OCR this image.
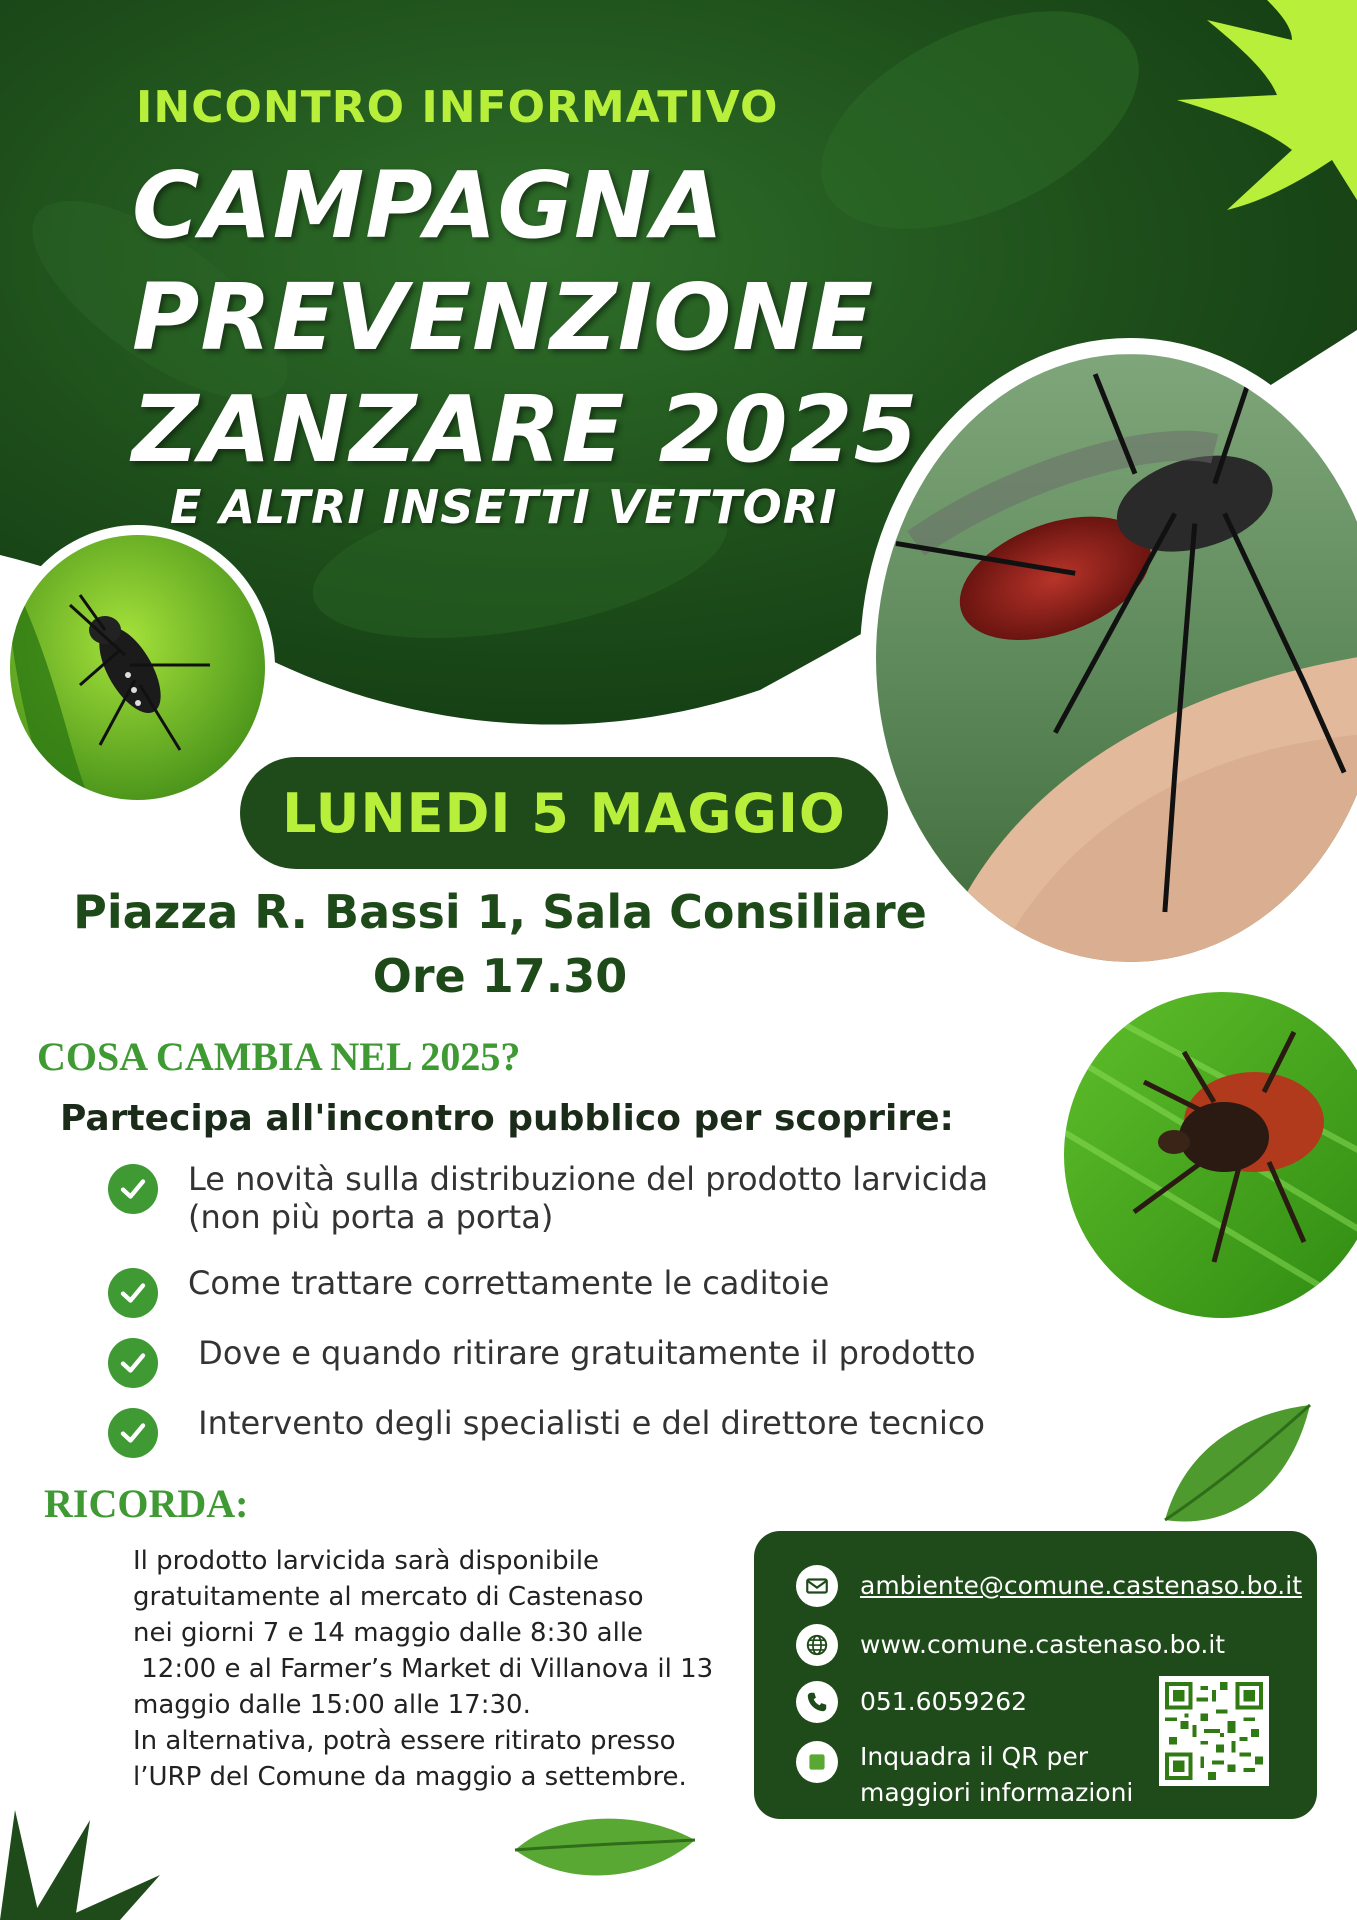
INCONTRO INFORMATIVO
CAMPAGNA
PREVENZIONE
ZANZARE 2025
E ALTRI INSETTI VETTORI
LUNEDI 5 MAGGIO
Piazza R. Bassi 1, Sala Consiliare
Ore 17.30
COSA CAMBIA NEL 2025?
Partecipa all'incontro pubblico per scoprire:
Le novità sulla distribuzione del prodotto larvicida
(non più porta a porta)
Come trattare correttamente le caditoie
Dove e quando ritirare gratuitamente il prodotto
Intervento degli specialisti e del direttore tecnico
RICORDA:
Il prodotto larvicida sarà disponibile
gratuitamente al mercato di Castenaso
nei giorni 7 e 14 maggio dalle 8:30 alle
12:00 e al Farmer’s Market di Villanova il 13
maggio dalle 15:00 alle 17:30.
In alternativa, potrà essere ritirato presso
l’URP del Comune da maggio a settembre.
ambiente@comune.castenaso.bo.it
www.comune.castenaso.bo.it
051.6059262
Inquadra il QR per
maggiori informazioni
